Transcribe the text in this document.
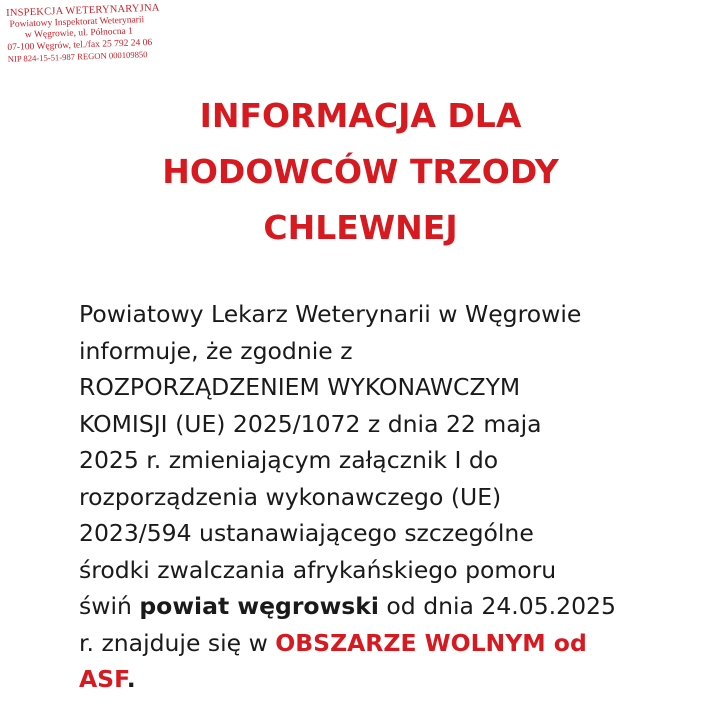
INSPEKCJA WETERYNARYJNA
Powiatowy Inspektorat Weterynarii
w Węgrowie, ul. Północna 1
07-100 Węgrów, tel./fax 25 792 24 06
NIP 824-15-51-987 REGON 000109850
INFORMACJA DLA
HODOWCÓW TRZODY
CHLEWNEJ
Powiatowy Lekarz Weterynarii w Węgrowie
informuje, że zgodnie z
ROZPORZĄDZENIEM WYKONAWCZYM
KOMISJI (UE) 2025/1072 z dnia 22 maja
2025 r. zmieniającym załącznik I do
rozporządzenia wykonawczego (UE)
2023/594 ustanawiającego szczególne
środki zwalczania afrykańskiego pomoru
świń powiat węgrowski od dnia 24.05.2025
r. znajduje się w OBSZARZE WOLNYM od
ASF.
